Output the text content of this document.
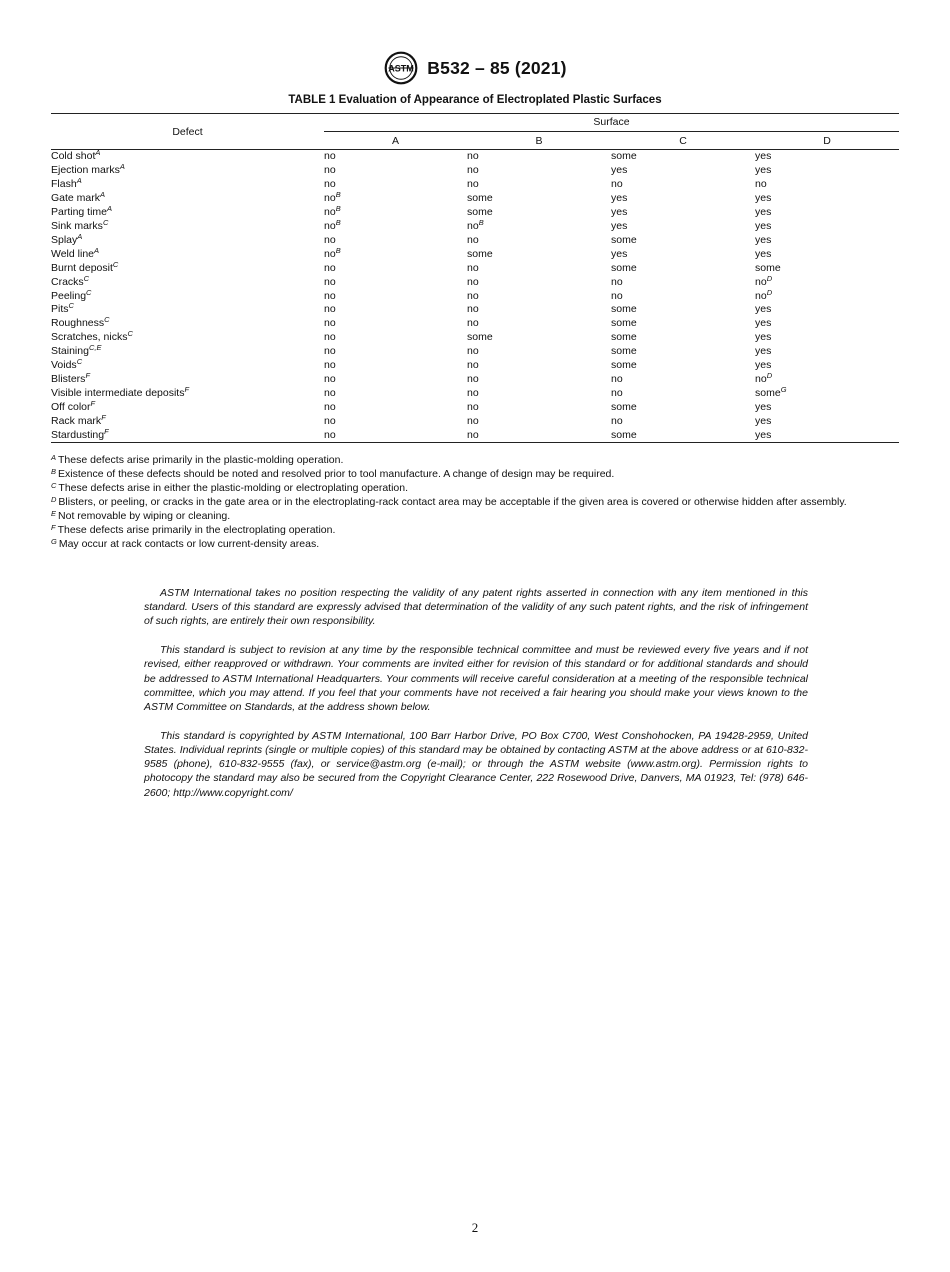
ASTM B532 – 85 (2021)
TABLE 1 Evaluation of Appearance of Electroplated Plastic Surfaces
Defect	Surface			

	A	B	C	D
Cold shot$^A$	no	no	some	yes
Ejection marks$^A$	no	no	yes	yes
Flash$^A$	no	no	no	no
Gate mark$^A$	$no^B$	some	yes	yes
Parting time$^A$	$no^B$	some	yes	yes
Sink marks$^C$	$no^B$	$no^B$	yes	yes
Splay$^A$	no	no	some	yes
Weld line$^A$	$no^B$	some	yes	yes
Burnt deposit$^C$	no	no	some	some
Cracks$^C$	no	no	no	$no^D$
Peeling$^C$	no	no	no	$no^D$
Pits$^C$	no	no	some	yes
Roughness$^C$	no	no	some	yes
Scratches, nicks$^C$	no	some	some	yes
Staining$^{C,E}$	no	no	some	yes
Voids$^C$	no	no	some	yes
Blisters$^F$	no	no	no	$no^D$
Visible intermediate deposits$^F$	no	no	no	some$^G$
Off color$^F$	no	no	some	yes
Rack mark$^F$	no	no	no	yes
Stardusting$^F$	no	no	some	yes
$^A$ These defects arise primarily in the plastic-molding operation.
$^B$ Existence of these defects should be noted and resolved prior to tool manufacture. A change of design may be required.
$^C$ These defects arise in either the plastic-molding or electroplating operation.
$^D$ Blisters, or peeling, or cracks in the gate area or in the electroplating-rack contact area may be acceptable if the given area is covered or otherwise hidden after assembly.
$^E$ Not removable by wiping or cleaning.
$^F$ These defects arise primarily in the electroplating operation.
$^G$ May occur at rack contacts or low current-density areas.

ASTM International takes no position respecting the validity of any patent rights asserted in connection with any item mentioned in this standard. Users of this standard are expressly advised that determination of the validity of any such patent rights, and the risk of infringement of such rights, are entirely their own responsibility.

This standard is subject to revision at any time by the responsible technical committee and must be reviewed every five years and if not revised, either reapproved or withdrawn. Your comments are invited either for revision of this standard or for additional standards and should be addressed to ASTM International Headquarters. Your comments will receive careful consideration at a meeting of the responsible technical committee, which you may attend. If you feel that your comments have not received a fair hearing you should make your views known to the ASTM Committee on Standards, at the address shown below.

This standard is copyrighted by ASTM International, 100 Barr Harbor Drive, PO Box C700, West Conshohocken, PA 19428-2959, United States. Individual reprints (single or multiple copies) of this standard may be obtained by contacting ASTM at the above address or at 610-832-9585 (phone), 610-832-9555 (fax), or service@astm.org (e-mail); or through the ASTM website (www.astm.org). Permission rights to photocopy the standard may also be secured from the Copyright Clearance Center, 222 Rosewood Drive, Danvers, MA 01923, Tel: (978) 646-2600; http://www.copyright.com/

2
